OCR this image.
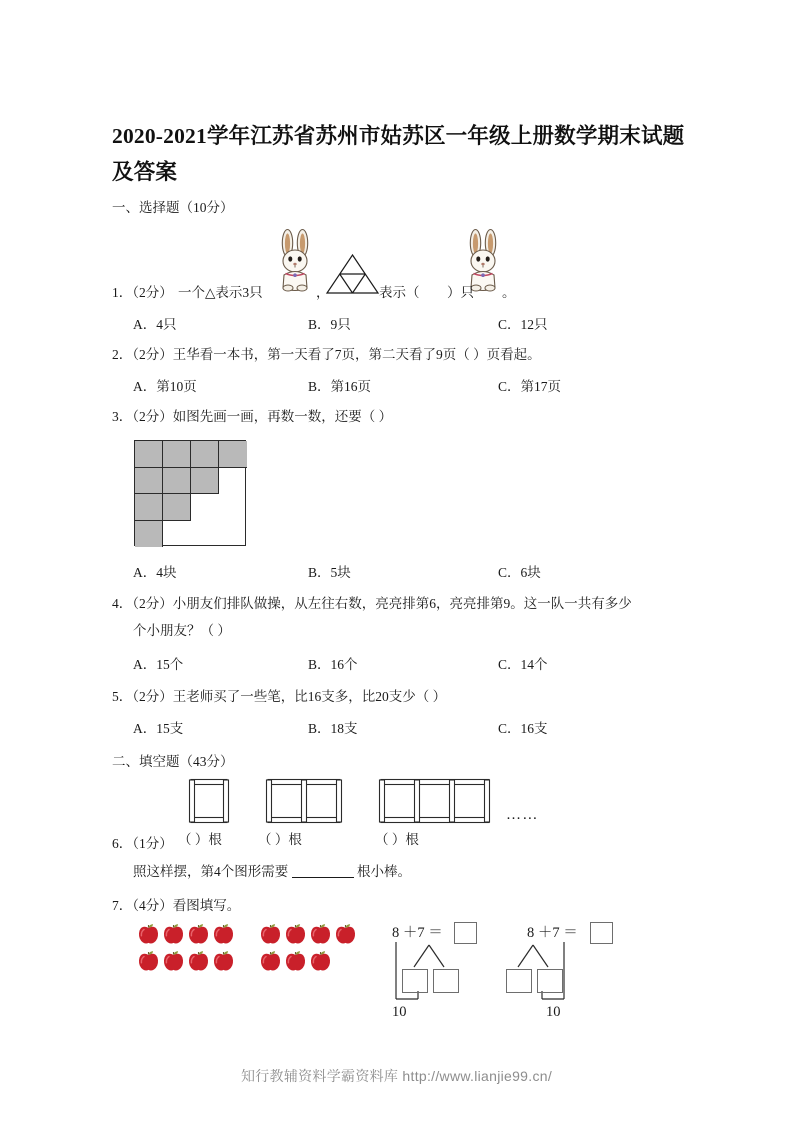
2020-2021学年江苏省苏州市姑苏区一年级上册数学期末试题及答案
一、选择题（10分）
1．（2分） 一个△表示3只	，	表示（ ）只 。
A．4只	B．9只	C．12只
2．（2分）王华看一本书，第一天看了7页，第二天看了9页（ ）页看起。
A．第10页	B．第16页	C．第17页
3．（2分）如图先画一画，再数一数，还要（ ）
A．4块	B．5块	C．6块
4．（2分）小朋友们排队做操，从左往右数，亮亮排第6，亮亮排第9。这一队一共有多少
个小朋友？（ ）
A．15个	B．16个	C．14个
5．（2分）王老师买了一些笔，比16支多，比20支少（ ）
A．15支	B．18支	C．16支
二、填空题（43分）
……
6．（1分） （ ）根	（ ）根	（ ）根
照这样摆，第4个图形需要	根小棒。
7．（4分）看图填写。
8 ＋7 ＝
10
8 ＋7 ＝
10
知行教辅资料学霸资料库 http://www.lianjie99.cn/
